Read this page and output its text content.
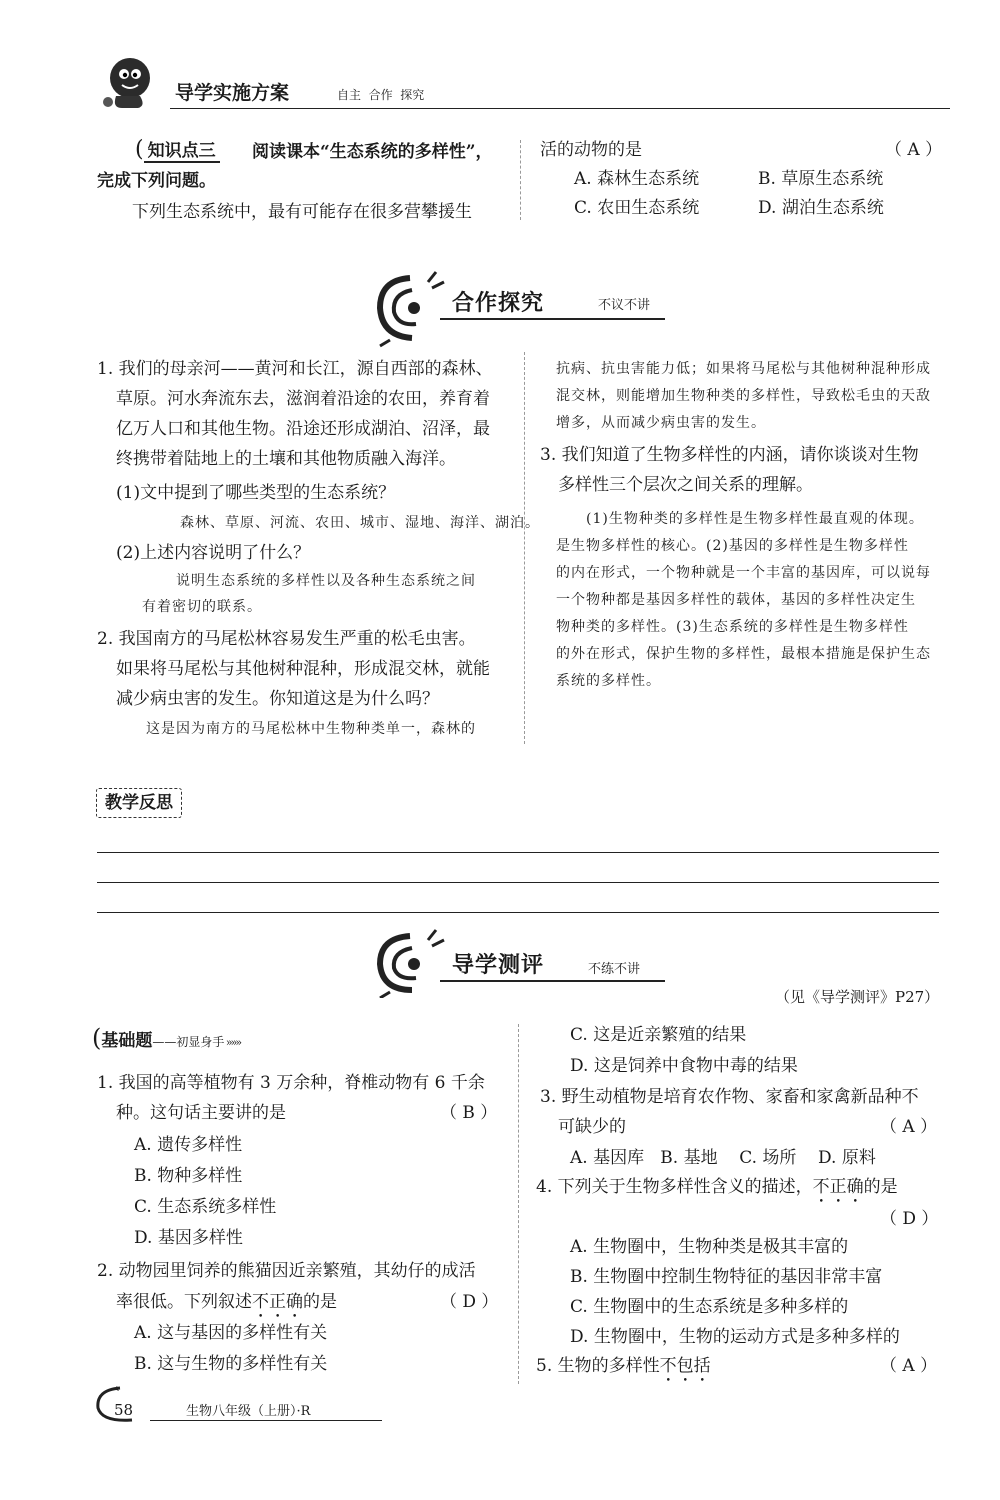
导学实施方案	自主  合作  探究
( 知识点三 阅读课本“生态系统的多样性”，
完成下列问题。
下列生态系统中，最有可能存在很多营攀援生
活的动物的是	（ A ）
A. 森林生态系统	B. 草原生态系统
C. 农田生态系统	D. 湖泊生态系统
合作探究	不议不讲
1. 我们的母亲河——黄河和长江，源自西部的森林、
草原。河水奔流东去，滋润着沿途的农田，养育着
亿万人口和其他生物。沿途还形成湖泊、沼泽，最
终携带着陆地上的土壤和其他物质融入海洋。
(1)文中提到了哪些类型的生态系统？
森林、草原、河流、农田、城市、湿地、海洋、湖泊。
(2)上述内容说明了什么？
说明生态系统的多样性以及各种生态系统之间
有着密切的联系。
2. 我国南方的马尾松林容易发生严重的松毛虫害。
如果将马尾松与其他树种混种，形成混交林，就能
减少病虫害的发生。你知道这是为什么吗？
这是因为南方的马尾松林中生物种类单一，森林的
抗病、抗虫害能力低；如果将马尾松与其他树种混种形成
混交林，则能增加生物种类的多样性，导致松毛虫的天敌
增多，从而减少病虫害的发生。
3. 我们知道了生物多样性的内涵，请你谈谈对生物
多样性三个层次之间关系的理解。
(1)生物种类的多样性是生物多样性最直观的体现。
是生物多样性的核心。(2)基因的多样性是生物多样性
的内在形式，一个物种就是一个丰富的基因库，可以说每
一个物种都是基因多样性的载体，基因的多样性决定生
物种类的多样性。(3)生态系统的多样性是生物多样性
的外在形式，保护生物的多样性，最根本措施是保护生态
系统的多样性。
教学反思
导学测评	不练不讲
（见《导学测评》P27）
(基础题——初显身手 »»»
1. 我国的高等植物有 3 万余种，脊椎动物有 6 千余
种。这句话主要讲的是	（ B ）
A. 遗传多样性
B. 物种多样性
C. 生态系统多样性
D. 基因多样性
2. 动物园里饲养的熊猫因近亲繁殖，其幼仔的成活
率很低。下列叙述不正确的是	（ D ）
A. 这与基因的多样性有关
B. 这与生物的多样性有关
C. 这是近亲繁殖的结果
D. 这是饲养中食物中毒的结果
3. 野生动植物是培育农作物、家畜和家禽新品种不
可缺少的	（ A ）
A. 基因库   B. 基地    C. 场所    D. 原料
4. 下列关于生物多样性含义的描述，不正确的是
（ D ）
A. 生物圈中，生物种类是极其丰富的
B. 生物圈中控制生物特征的基因非常丰富
C. 生物圈中的生态系统是多种多样的
D. 生物圈中，生物的运动方式是多种多样的
5. 生物的多样性不包括	（ A ）
58	生物八年级（上册）·R
